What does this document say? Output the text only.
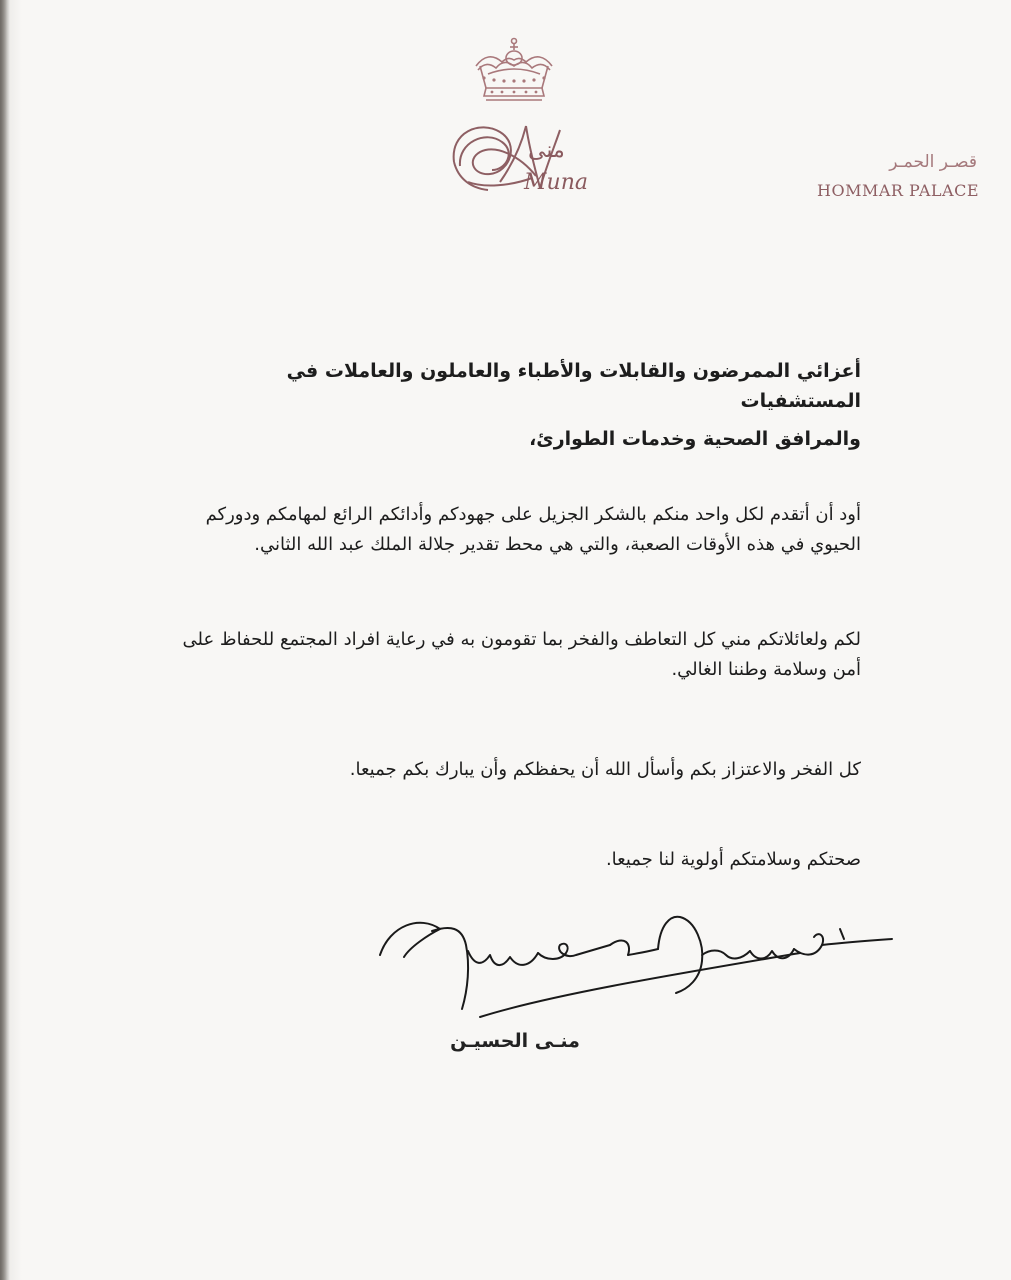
منى
Muna
قصـر الحمـر
HOMMAR PALACE

أعزائي الممرضون والقابلات والأطباء والعاملون والعاملات في المستشفيات

والمرافق الصحية وخدمات الطوارئ،

أود أن أتقدم لكل واحد منكم بالشكر الجزيل على جهودكم وأدائكم الرائع لمهامكم ودوركم الحيوي في هذه الأوقات الصعبة، والتي هي محط تقدير جلالة الملك عبد الله الثاني.

لكم ولعائلاتكم مني كل التعاطف والفخر بما تقومون به في رعاية افراد المجتمع للحفاظ على أمن وسلامة وطننا الغالي.

كل الفخر والاعتزاز بكم وأسأل الله أن يحفظكم وأن يبارك بكم جميعا.

صحتكم وسلامتكم أولوية لنا جميعا.

منـى الحسيـن
